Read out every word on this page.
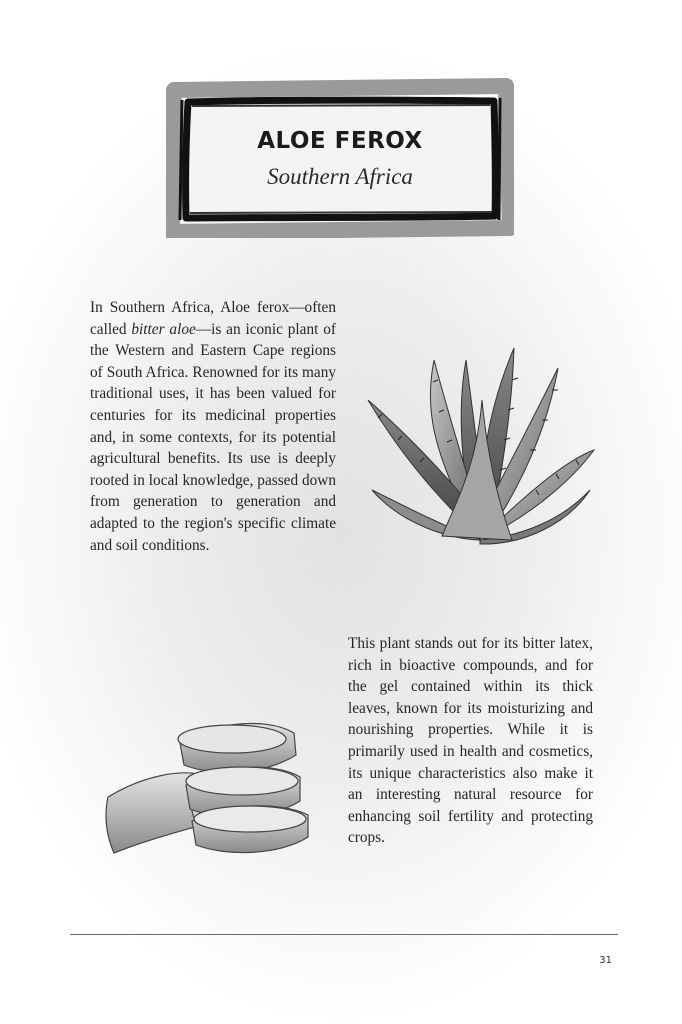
ALOE FEROX
Southern Africa

In Southern Africa, Aloe ferox—often called bitter aloe—is an iconic plant of the Western and Eastern Cape regions of South Africa. Renowned for its many traditional uses, it has been valued for centuries for its medicinal properties and, in some contexts, for its potential agricultural benefits. Its use is deeply rooted in local knowledge, passed down from generation to generation and adapted to the region's specific climate and soil conditions.

This plant stands out for its bitter latex, rich in bioactive compounds, and for the gel contained within its thick leaves, known for its moisturizing and nourishing properties. While it is primarily used in health and cosmetics, its unique characteristics also make it an interesting natural resource for enhancing soil fertility and protecting crops.

31
